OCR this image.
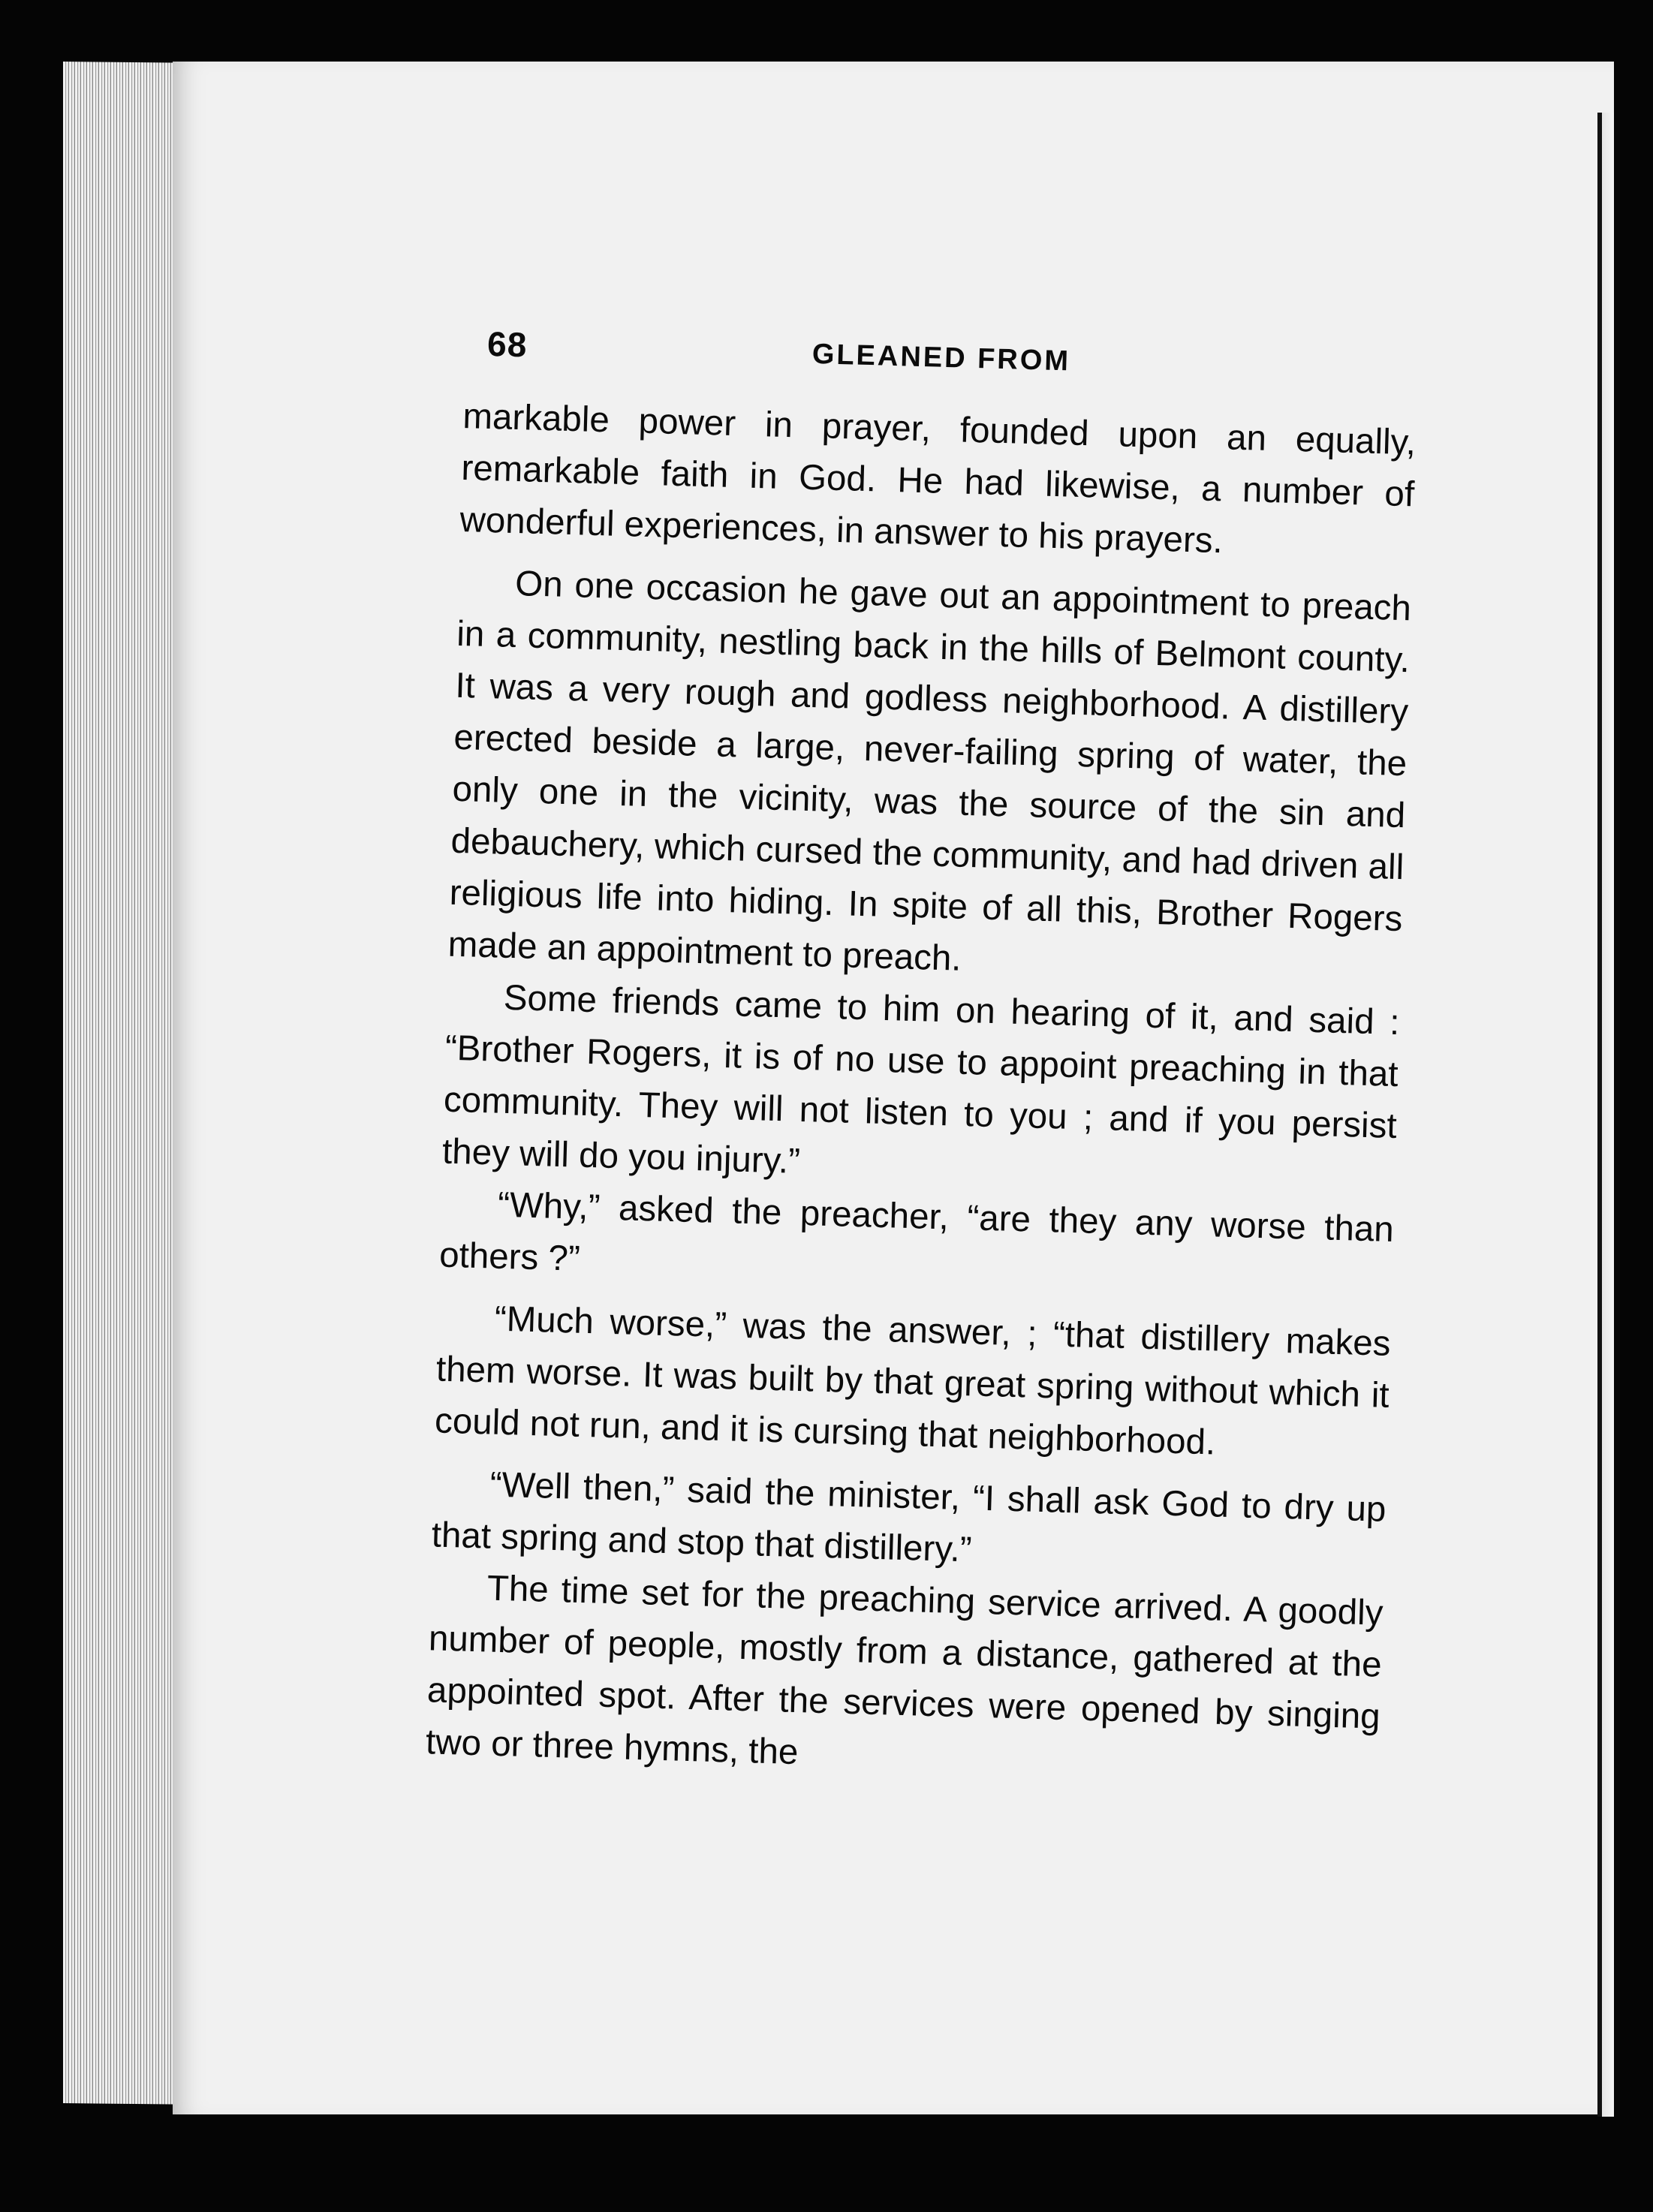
68	GLEANED FROM

markable power in prayer, founded upon an equally, remarkable faith in God. He had likewise, a number of wonderful experiences, in answer to his prayers.

On one occasion he gave out an appointment to preach in a community, nestling back in the hills of Belmont county. It was a very rough and godless neighborhood. A distillery erected beside a large, never-failing spring of water, the only one in the vicinity, was the source of the sin and debauchery, which cursed the community, and had driven all religious life into hiding. In spite of all this, Brother Rogers made an appointment to preach.

Some friends came to him on hearing of it, and said : “Brother Rogers, it is of no use to appoint preaching in that community. They will not listen to you ; and if you persist they will do you injury.”

“Why,” asked the preacher, “are they any worse than others ?”

“Much worse,” was the answer, ; “that distillery makes them worse. It was built by that great spring without which it could not run, and it is cursing that neighborhood.

“Well then,” said the minister, “I shall ask God to dry up that spring and stop that distillery.”

The time set for the preaching service arrived. A goodly number of people, mostly from a distance, gathered at the appointed spot. After the services were opened by singing two or three hymns, the
